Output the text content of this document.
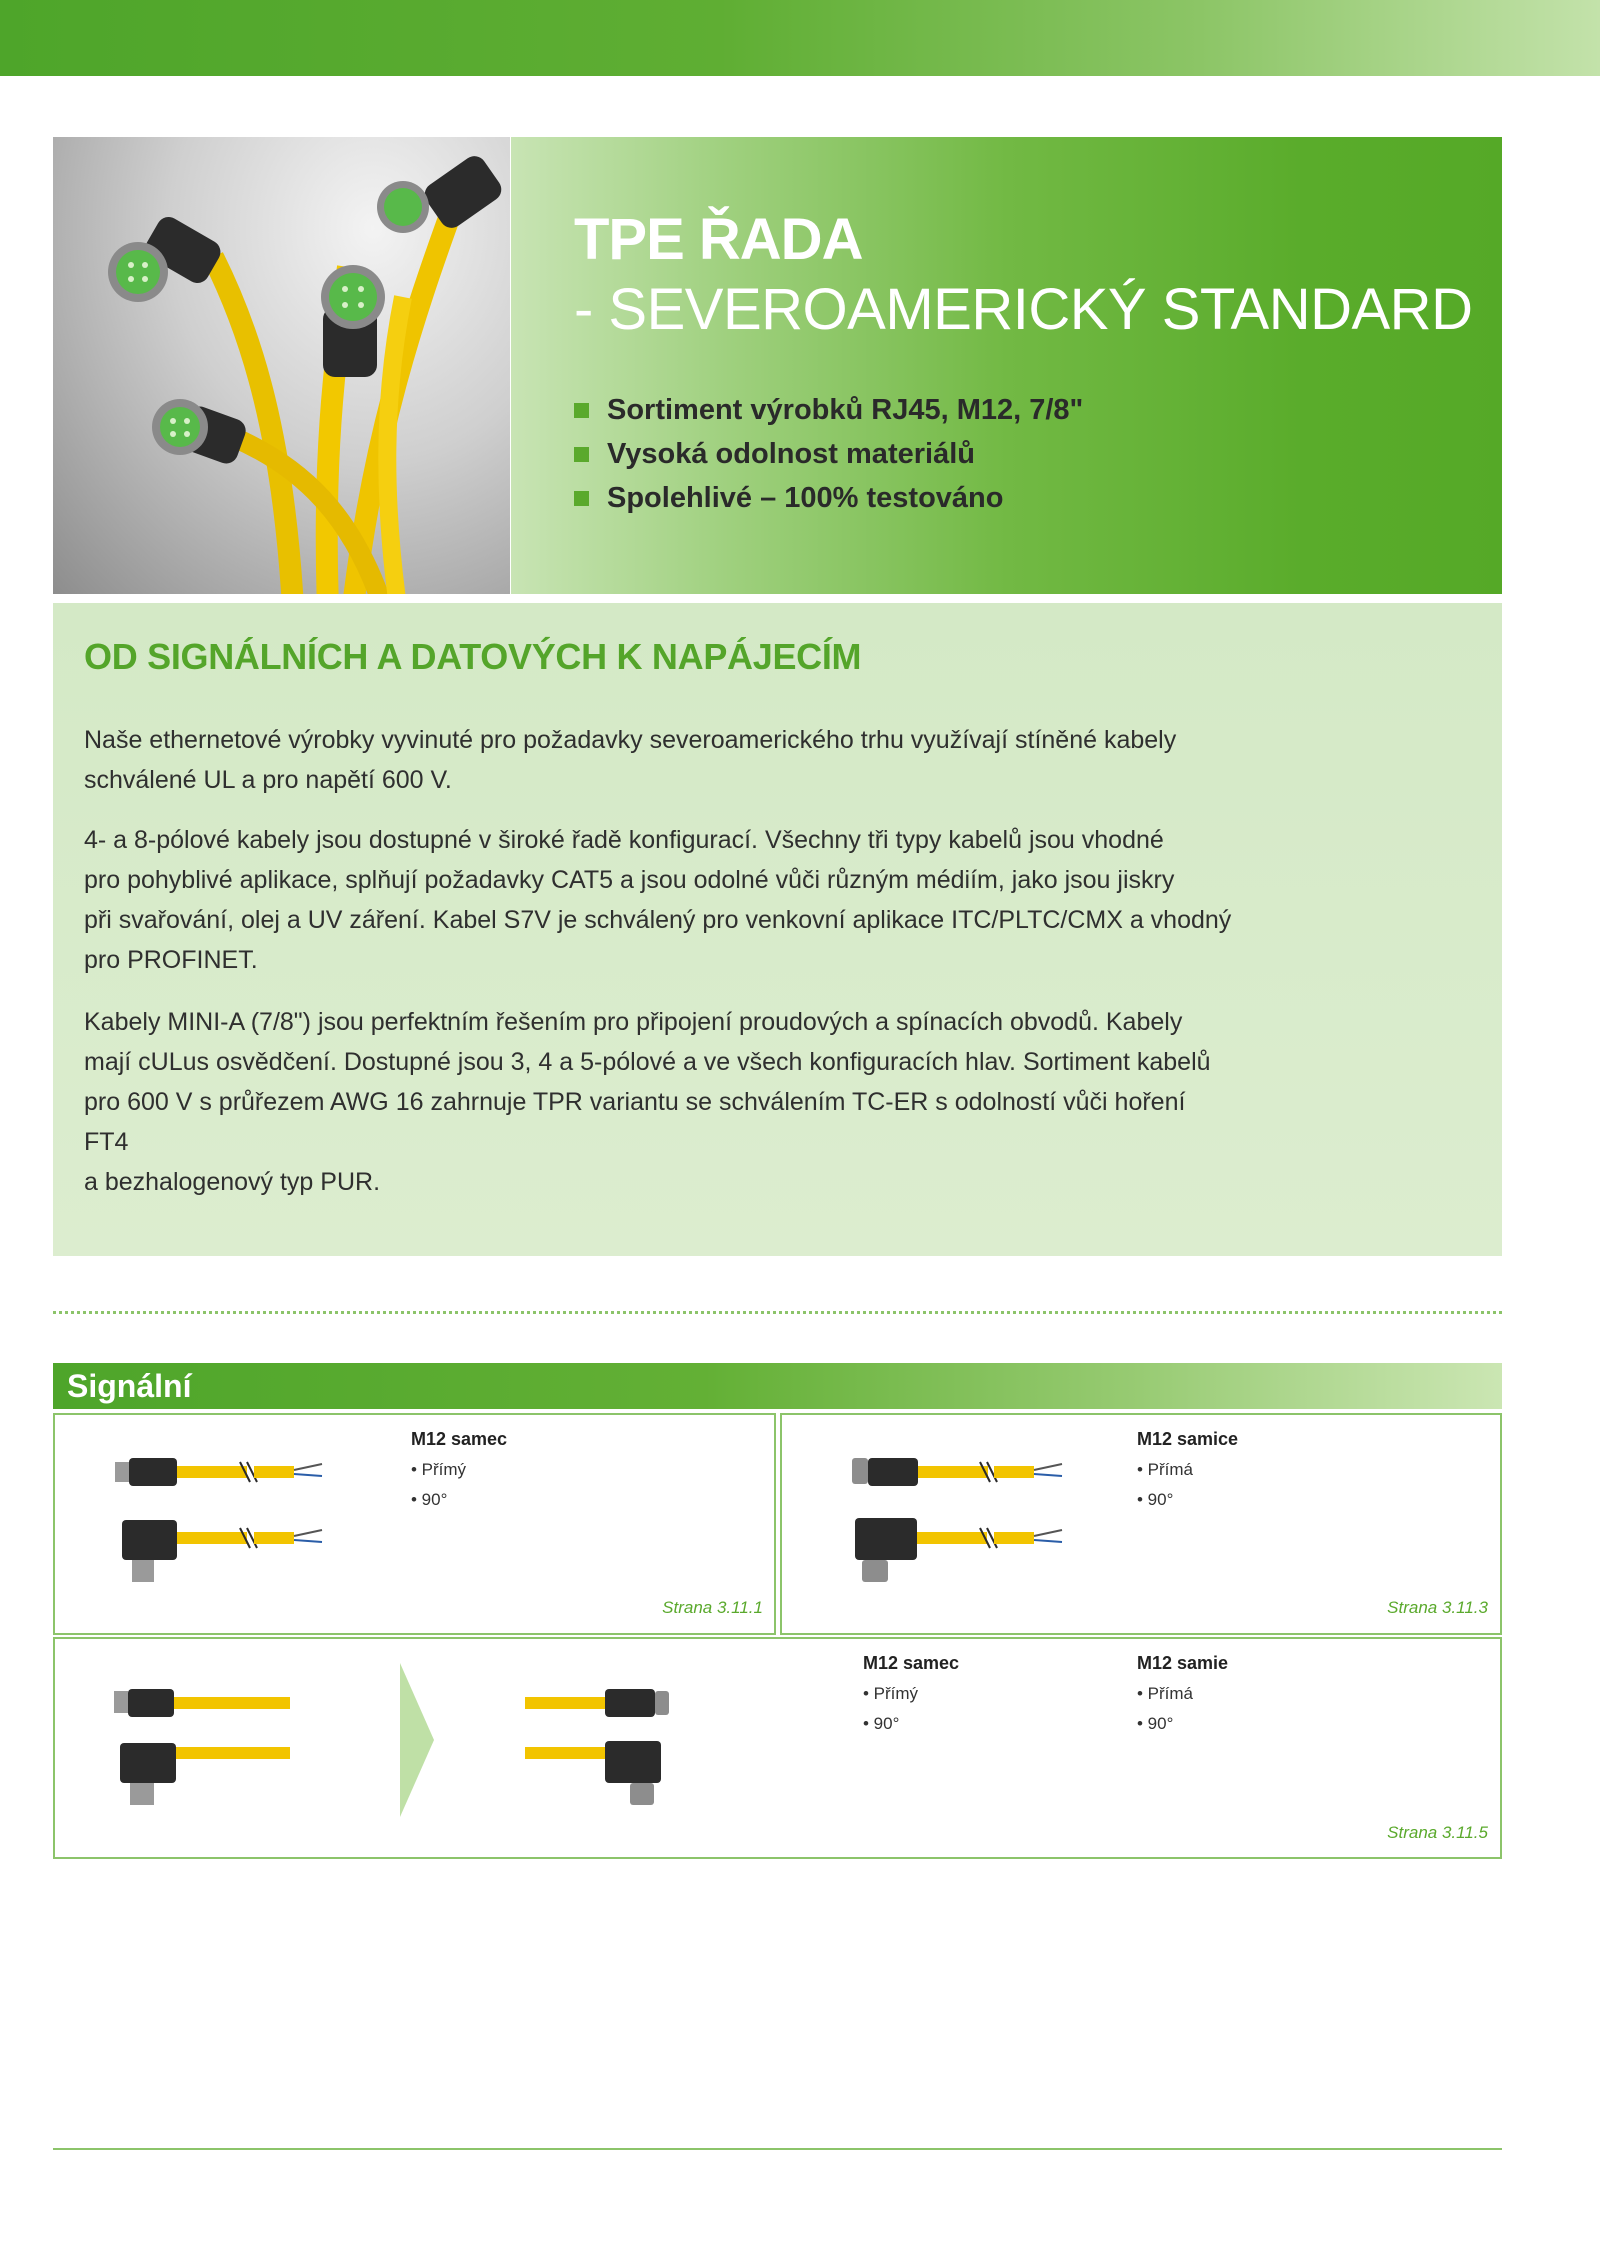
TPE ŘADA
- SEVEROAMERICKÝ STANDARD
Sortiment výrobků RJ45, M12, 7/8"
Vysoká odolnost materiálů
Spolehlivé – 100% testováno
OD SIGNÁLNÍCH A DATOVÝCH K NAPÁJECÍM

Naše ethernetové výrobky vyvinuté pro požadavky severoamerického trhu využívají stíněné kabely
schválené UL a pro napětí 600 V.

4- a 8-pólové kabely jsou dostupné v široké řadě konfigurací. Všechny tři typy kabelů jsou vhodné
pro pohyblivé aplikace, splňují požadavky CAT5 a jsou odolné vůči různým médiím, jako jsou jiskry
při svařování, olej a UV záření. Kabel S7V je schválený pro venkovní aplikace ITC/PLTC/CMX a vhodný
pro PROFINET.

Kabely MINI-A (7/8") jsou perfektním řešením pro připojení proudových a spínacích obvodů. Kabely
mají cULus osvědčení. Dostupné jsou 3, 4 a 5-pólové a ve všech konfiguracích hlav. Sortiment kabelů
pro 600 V s průřezem AWG 16 zahrnuje TPR variantu se schválením TC-ER s odolností vůči hoření FT4
a bezhalogenový typ PUR.

Signální

M12 samec

• Přímý

• 90°

Strana 3.11.1

M12 samice

• Přímá

• 90°

Strana 3.11.3

M12 samec

• Přímý

• 90°

M12 samie

• Přímá

• 90°

Strana 3.11.5
